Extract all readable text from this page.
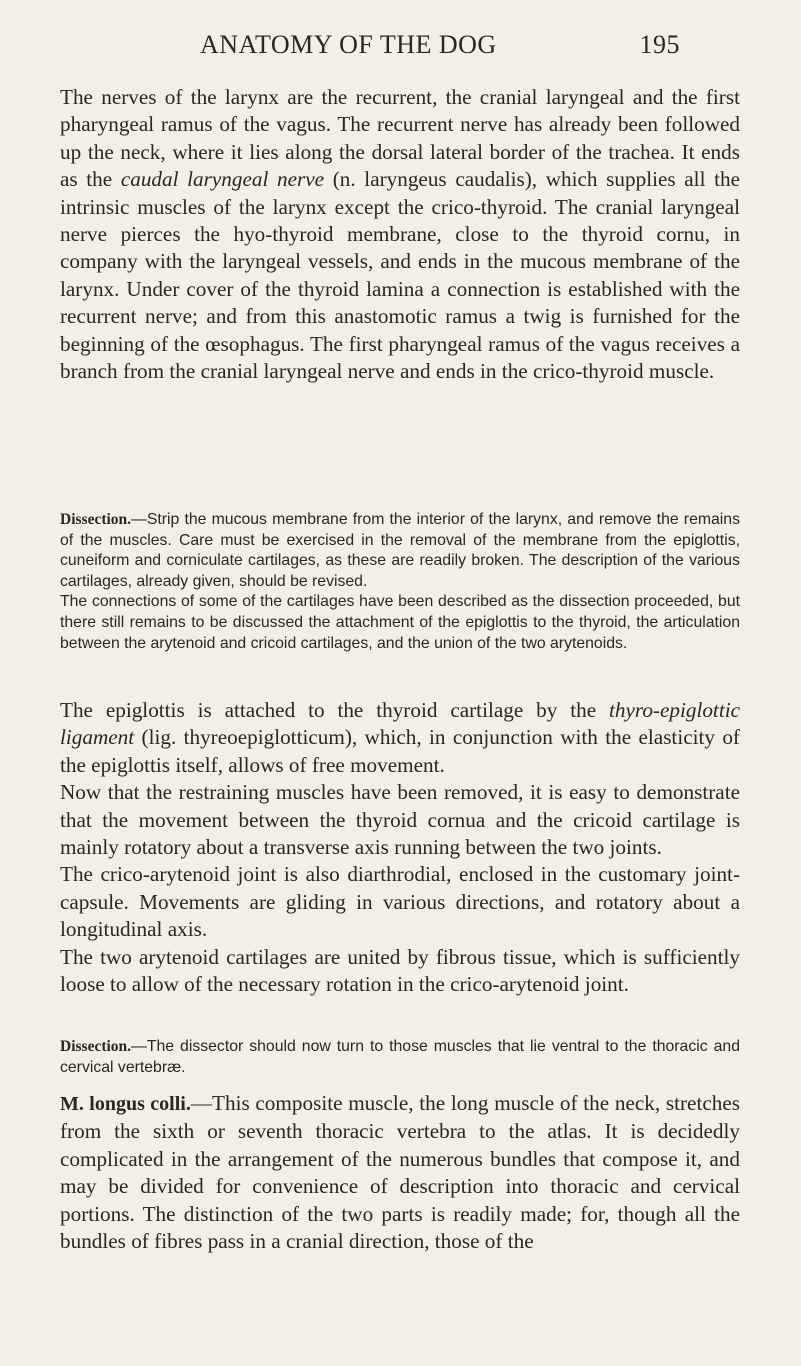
ANATOMY OF THE DOG	195

The nerves of the larynx are the recurrent, the cranial laryngeal and the first pharyngeal ramus of the vagus. The recurrent nerve has already been followed up the neck, where it lies along the dorsal lateral border of the trachea. It ends as the caudal laryngeal nerve (n. laryngeus caudalis), which supplies all the intrinsic muscles of the larynx except the crico-thyroid. The cranial laryngeal nerve pierces the hyo-thyroid membrane, close to the thyroid cornu, in company with the laryngeal vessels, and ends in the mucous membrane of the larynx. Under cover of the thyroid lamina a connection is established with the recurrent nerve; and from this anastomotic ramus a twig is furnished for the beginning of the œsophagus. The first pharyngeal ramus of the vagus receives a branch from the cranial laryngeal nerve and ends in the crico-thyroid muscle.

Dissection.—Strip the mucous membrane from the interior of the larynx, and remove the remains of the muscles. Care must be exercised in the removal of the membrane from the epiglottis, cuneiform and corniculate cartilages, as these are readily broken. The description of the various cartilages, already given, should be revised.

The connections of some of the cartilages have been described as the dissection proceeded, but there still remains to be discussed the attachment of the epiglottis to the thyroid, the articulation between the arytenoid and cricoid cartilages, and the union of the two arytenoids.

The epiglottis is attached to the thyroid cartilage by the thyro-epiglottic ligament (lig. thyreoepiglotticum), which, in conjunction with the elasticity of the epiglottis itself, allows of free movement.

Now that the restraining muscles have been removed, it is easy to demonstrate that the movement between the thyroid cornua and the cricoid cartilage is mainly rotatory about a transverse axis running between the two joints.

The crico-arytenoid joint is also diarthrodial, enclosed in the customary joint-capsule. Movements are gliding in various directions, and rotatory about a longitudinal axis.

The two arytenoid cartilages are united by fibrous tissue, which is sufficiently loose to allow of the necessary rotation in the crico-arytenoid joint.

Dissection.—The dissector should now turn to those muscles that lie ventral to the thoracic and cervical vertebræ.

M. longus colli.—This composite muscle, the long muscle of the neck, stretches from the sixth or seventh thoracic vertebra to the atlas. It is decidedly complicated in the arrangement of the numerous bundles that compose it, and may be divided for convenience of description into thoracic and cervical portions. The distinction of the two parts is readily made; for, though all the bundles of fibres pass in a cranial direction, those of the
